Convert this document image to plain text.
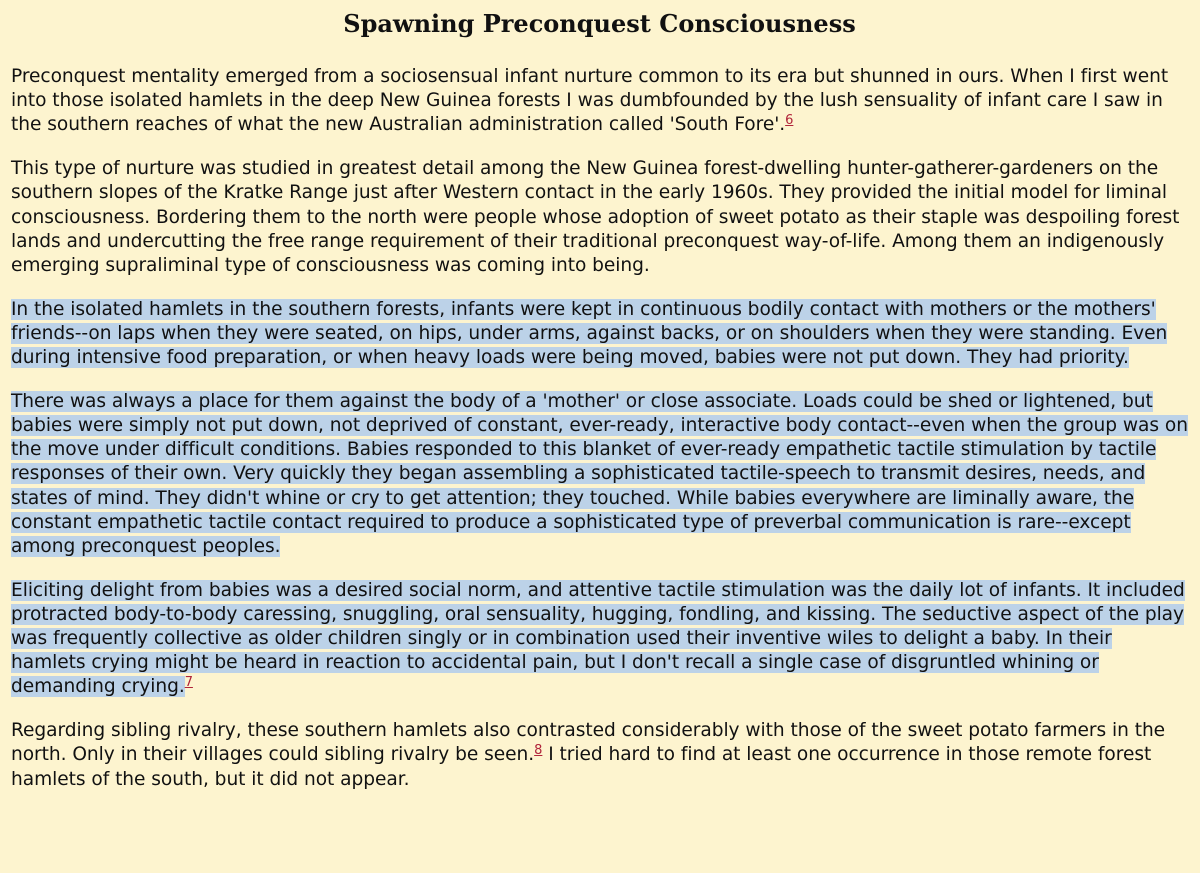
Spawning Preconquest Consciousness

Preconquest mentality emerged from a sociosensual infant nurture common to its era but shunned in ours. When I first went into those isolated hamlets in the deep New Guinea forests I was dumbfounded by the lush sensuality of infant care I saw in the southern reaches of what the new Australian administration called 'South Fore'.$^6$

This type of nurture was studied in greatest detail among the New Guinea forest-dwelling hunter-gatherer-gardeners on the southern slopes of the Kratke Range just after Western contact in the early 1960s. They provided the initial model for liminal consciousness. Bordering them to the north were people whose adoption of sweet potato as their staple was despoiling forest lands and undercutting the free range requirement of their traditional preconquest way-of-life. Among them an indigenously emerging supraliminal type of consciousness was coming into being.

In the isolated hamlets in the southern forests, infants were kept in continuous bodily contact with mothers or the mothers' friends--on laps when they were seated, on hips, under arms, against backs, or on shoulders when they were standing. Even during intensive food preparation, or when heavy loads were being moved, babies were not put down. They had priority.

There was always a place for them against the body of a 'mother' or close associate. Loads could be shed or lightened, but babies were simply not put down, not deprived of constant, ever-ready, interactive body contact--even when the group was on the move under difficult conditions. Babies responded to this blanket of ever-ready empathetic tactile stimulation by tactile responses of their own. Very quickly they began assembling a sophisticated tactile-speech to transmit desires, needs, and states of mind. They didn't whine or cry to get attention; they touched. While babies everywhere are liminally aware, the constant empathetic tactile contact required to produce a sophisticated type of preverbal communication is rare--except among preconquest peoples.

Eliciting delight from babies was a desired social norm, and attentive tactile stimulation was the daily lot of infants. It included protracted body-to-body caressing, snuggling, oral sensuality, hugging, fondling, and kissing. The seductive aspect of the play was frequently collective as older children singly or in combination used their inventive wiles to delight a baby. In their hamlets crying might be heard in reaction to accidental pain, but I don't recall a single case of disgruntled whining or demanding crying.$^7$

Regarding sibling rivalry, these southern hamlets also contrasted considerably with those of the sweet potato farmers in the north. Only in their villages could sibling rivalry be seen.$^8$ I tried hard to find at least one occurrence in those remote forest hamlets of the south, but it did not appear.
